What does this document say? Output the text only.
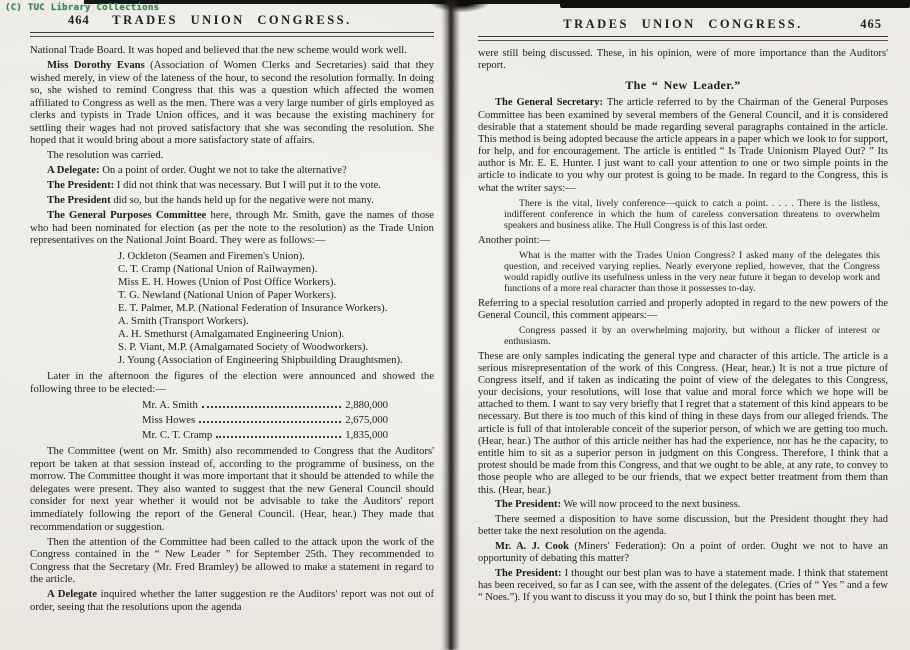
(C) TUC Library Collections
464 TRADES UNION CONGRESS.

National Trade Board. It was hoped and believed that the new scheme would work well.

Miss Dorothy Evans (Association of Women Clerks and Secretaries) said that they wished merely, in view of the lateness of the hour, to second the resolution formally. In doing so, she wished to remind Congress that this was a question which affected the women affiliated to Congress as well as the men. There was a very large number of girls employed as clerks and typists in Trade Union offices, and it was because the existing machinery for settling their wages had not proved satisfactory that she was seconding the resolution. She hoped that it would bring about a more satisfactory state of affairs.

The resolution was carried.

A Delegate: On a point of order. Ought we not to take the alternative?

The President: I did not think that was necessary. But I will put it to the vote.

The President did so, but the hands held up for the negative were not many.

The General Purposes Committee here, through Mr. Smith, gave the names of those who had been nominated for election (as per the note to the resolution) as the Trade Union representatives on the National Joint Board. They were as follows:—

J. Ockleton (Seamen and Firemen's Union).

C. T. Cramp (National Union of Railwaymen).

Miss E. H. Howes (Union of Post Office Workers).

T. G. Newland (National Union of Paper Workers).

E. T. Palmer, M.P. (National Federation of Insurance Workers).

A. Smith (Transport Workers).

A. H. Smethurst (Amalgamated Engineering Union).

S. P. Viant, M.P. (Amalgamated Society of Woodworkers).

J. Young (Association of Engineering Shipbuilding Draughtsmen).

Later in the afternoon the figures of the election were announced and showed the following three to be elected:—

Mr. A. Smith	2,880,000
Miss Howes	2,675,000
Mr. C. T. Cramp	1,835,000

The Committee (went on Mr. Smith) also recommended to Congress that the Auditors' report be taken at that session instead of, according to the programme of business, on the morrow. The Committee thought it was more important that it should be attended to while the delegates were present. They also wanted to suggest that the new General Council should consider for next year whether it would not be advisable to take the Auditors' report immediately following the report of the General Council. (Hear, hear.) They made that recommendation or suggestion.

Then the attention of the Committee had been called to the attack upon the work of the Congress contained in the “ New Leader ” for September 25th. They recommended to Congress that the Secretary (Mr. Fred Bramley) be allowed to make a statement in regard to the article.

A Delegate inquired whether the latter suggestion re the Auditors' report was not out of order, seeing that the resolutions upon the agenda

TRADES UNION CONGRESS.	465

were still being discussed. These, in his opinion, were of more importance than the Auditors' report.

The “ New Leader.”

The General Secretary: The article referred to by the Chairman of the General Purposes Committee has been examined by several members of the General Council, and it is considered desirable that a statement should be made regarding several paragraphs contained in the article. This method is being adopted because the article appears in a paper which we look to for support, for help, and for encouragement. The article is entitled “ Is Trade Unionism Played Out? ” Its author is Mr. E. E. Hunter. I just want to call your attention to one or two simple points in the article to indicate to you why our protest is going to be made. In regard to the Congress, this is what the writer says:—

There is the vital, lively conference—quick to catch a point. . . . . There is the listless, indifferent conference in which the hum of careless conversation threatens to overwhelm speakers and business alike. The Hull Congress is of this last order.

Another point:—

What is the matter with the Trades Union Congress? I asked many of the delegates this question, and received varying replies. Nearly everyone replied, however, that the Congress would rapidly outlive its usefulness unless in the very near future it began to develop work and functions of a more real character than those it possesses to-day.

Referring to a special resolution carried and properly adopted in regard to the new powers of the General Council, this comment appears:—

Congress passed it by an overwhelming majority, but without a flicker of interest or enthusiasm.

These are only samples indicating the general type and character of this article. The article is a serious misrepresentation of the work of this Congress. (Hear, hear.) It is not a true picture of Congress itself, and if taken as indicating the point of view of the delegates to this Congress, your decisions, your resolutions, will lose that value and moral force which we hope will be attached to them. I want to say very briefly that I regret that a statement of this kind appears to be necessary. But there is too much of this kind of thing in these days from our alleged friends. The article is full of that intolerable conceit of the superior person, of which we are getting too much. (Hear, hear.) The author of this article neither has had the experience, nor has he the capacity, to entitle him to sit as a superior person in judgment on this Congress. Therefore, I think that a protest should be made from this Congress, and that we ought to be able, at any rate, to convey to those people who are alleged to be our friends, that we expect better treatment from them than this. (Hear, hear.)

The President: We will now proceed to the next business.

There seemed a disposition to have some discussion, but the President thought they had better take the next resolution on the agenda.

Mr. A. J. Cook (Miners' Federation): On a point of order. Ought we not to have an opportunity of debating this matter?

The President: I thought our best plan was to have a statement made. I think that statement has been received, so far as I can see, with the assent of the delegates. (Cries of “ Yes ” and a few “ Noes.”). If you want to discuss it you may do so, but I think the point has been met.
